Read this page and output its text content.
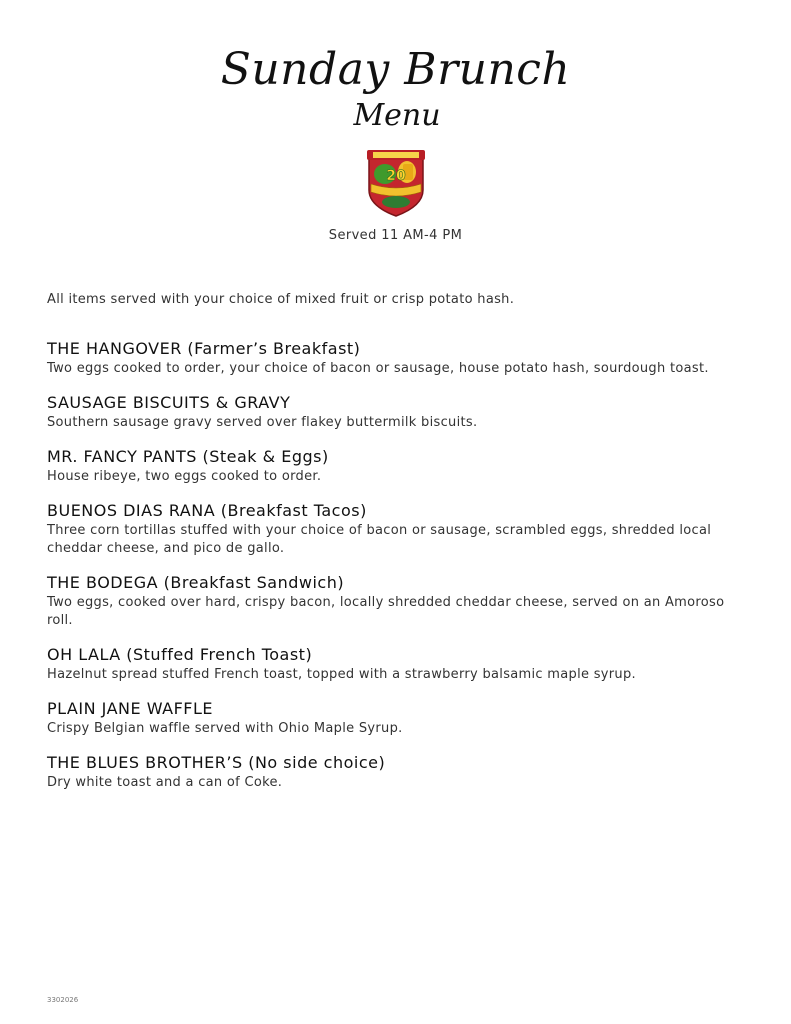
Sunday Brunch
Menu
20
Served 11 AM-4 PM
All items served with your choice of mixed fruit or crisp potato hash.
THE HANGOVER (Farmer’s Breakfast)
Two eggs cooked to order, your choice of bacon or sausage, house potato hash, sourdough toast.
SAUSAGE BISCUITS & GRAVY
Southern sausage gravy served over flakey buttermilk biscuits.
MR. FANCY PANTS (Steak & Eggs)
House ribeye, two eggs cooked to order.
BUENOS DIAS RANA (Breakfast Tacos)
Three corn tortillas stuffed with your choice of bacon or sausage, scrambled eggs, shredded local cheddar cheese, and pico de gallo.
THE BODEGA (Breakfast Sandwich)
Two eggs, cooked over hard, crispy bacon, locally shredded cheddar cheese, served on an Amoroso roll.
OH LALA (Stuffed French Toast)
Hazelnut spread stuffed French toast, topped with a strawberry balsamic maple syrup.
PLAIN JANE WAFFLE
Crispy Belgian waffle served with Ohio Maple Syrup.
THE BLUES BROTHER’S (No side choice)
Dry white toast and a can of Coke.
3302026
